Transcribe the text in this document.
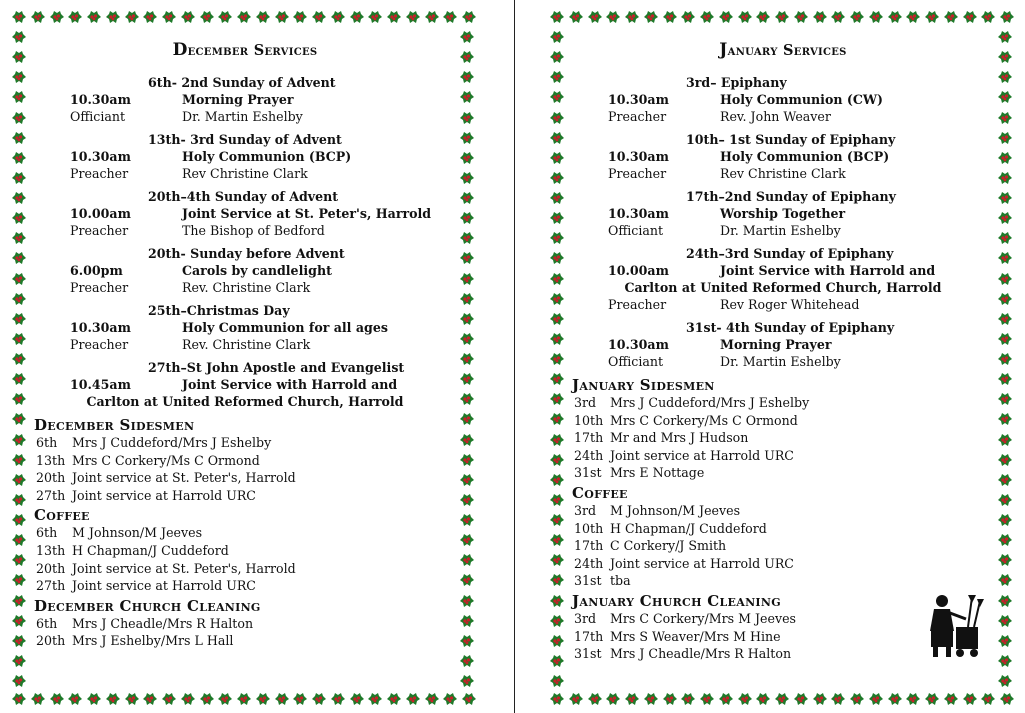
December Services
6th- 2nd Sunday of Advent
10.30am	Morning Prayer
Officiant	Dr. Martin Eshelby
13th- 3rd Sunday of Advent
10.30am	Holy Communion (BCP)
Preacher	Rev Christine Clark
20th–4th Sunday of Advent
10.00am	Joint Service at St. Peter's, Harrold
Preacher	The Bishop of Bedford
20th- Sunday before Advent
6.00pm	Carols by candlelight
Preacher	Rev. Christine Clark
25th–Christmas Day
10.30am	Holy Communion for all ages
Preacher	Rev. Christine Clark
27th–St John Apostle and Evangelist
10.45am	Joint Service with Harrold and
Carlton at United Reformed Church, Harrold
December Sidesmen
6th	Mrs J Cuddeford/Mrs J Eshelby
13th Mrs C Corkery/Ms C Ormond
20th Joint service at St. Peter's, Harrold
27th Joint service at Harrold URC
Coffee
6th	M Johnson/M Jeeves
13th H Chapman/J Cuddeford
20th Joint service at St. Peter's, Harrold
27th Joint service at Harrold URC
December Church Cleaning
6th	Mrs J Cheadle/Mrs R Halton
20th Mrs J Eshelby/Mrs L Hall
January Services
3rd– Epiphany
10.30am	Holy Communion (CW)
Preacher	Rev. John Weaver
10th– 1st Sunday of Epiphany
10.30am	Holy Communion (BCP)
Preacher	Rev Christine Clark
17th–2nd Sunday of Epiphany
10.30am	Worship Together
Officiant	Dr. Martin Eshelby
24th–3rd Sunday of Epiphany
10.00am	Joint Service with Harrold and
Carlton at United Reformed Church, Harrold
Preacher	Rev Roger Whitehead
31st- 4th Sunday of Epiphany
10.30am	Morning Prayer
Officiant	Dr. Martin Eshelby
January Sidesmen
3rd	Mrs J Cuddeford/Mrs J Eshelby
10th Mrs C Corkery/Ms C Ormond
17th Mr and Mrs J Hudson
24th Joint service at Harrold URC
31st Mrs E Nottage
Coffee
3rd	M Johnson/M Jeeves
10th H Chapman/J Cuddeford
17th C Corkery/J Smith
24th Joint service at Harrold URC
31st tba
January Church Cleaning
3rd	Mrs C Corkery/Mrs M Jeeves
17th Mrs S Weaver/Mrs M Hine
31st Mrs J Cheadle/Mrs R Halton
